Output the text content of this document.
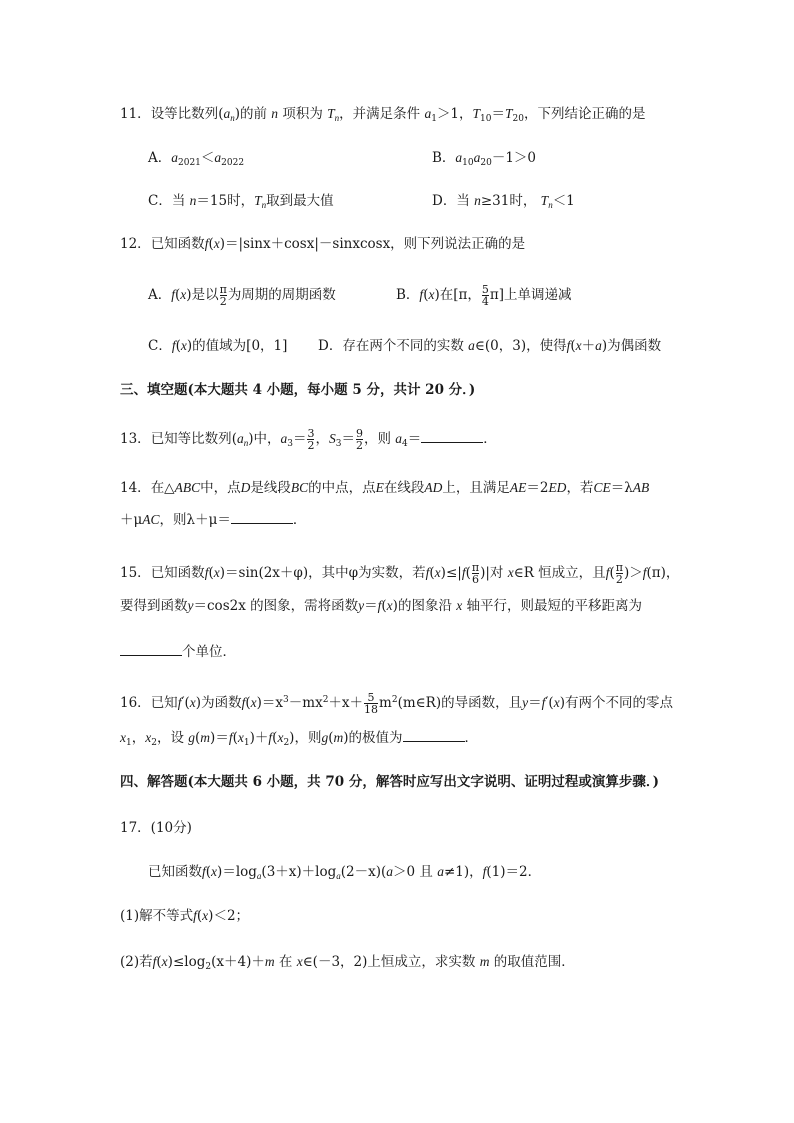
11．设等比数列$(a_n)$的前 n 项积为 $T_n$，并满足条件 $a_1>1$，$T_{10}=T_{20}$，下列结论正确的是
A．$a_{2021}<a_{2022}$	B．$a_{10}a_{20}-1>0$
C．当 n＝15时，$T_n$取到最大值	D．当 n≥31时， $T_n<1$
12．已知函数f(x)＝|sinx＋cosx|－sinxcosx，则下列说法正确的是
A．f(x)是以 $\frac{\pi}{2}$ 为周期的周期函数	B．f(x)在[π， $\frac{5}{4} \pi$]上单调递减
C．f(x)的值域为[0，1] D．存在两个不同的实数 a∈(0，3)，使得f(x＋a)为偶函数
三、填空题(本大题共 4 小题，每小题 5 分，共计 20 分．)
13．已知等比数列$(a_n)$中，$a_3= \frac{3}{2}$ ，$S_3= \frac{9}{2}$ ，则 $a_4=$	．
14．在△ABC中，点D是线段BC的中点，点E在线段AD上，且满足AE＝2ED，若CE＝λAB
＋μAC，则λ＋μ＝	．
15．已知函数f(x)＝sin(2x＋φ)，其中φ为实数，若$f(x)\le|f( \frac{\pi}{6}$ )|对 x∈R 恒成立，且$f( \frac{\pi}{2} )>f(\pi)$，
要得到函数y＝cos2x 的图象，需将函数y＝f(x)的图象沿 x 轴平行，则最短的平移距离为
个单位．
16．已知f′(x)为函数$f(x)=x^3-mx^2+x+ \frac{5}{18}$ $m^2(m\in R)$的导函数，且y＝f′(x)有两个不同的零点
$x_1$，$x_2$，设 $g(m)=f(x_1)+f(x_2)$，则g(m)的极值为	．
四、解答题(本大题共 6 小题，共 70 分，解答时应写出文字说明、证明过程或演算步骤．)
17．(10分)
已知函数$f(x)=\log_a(3+x)+\log_a(2-x)(a>0$ 且 a≠1)，f(1)＝2．
(1)解不等式f(x)＜2；
(2)若$f(x)\le\log_2(x+4)+m$ 在 x∈(－3，2)上恒成立，求实数 m 的取值范围．
